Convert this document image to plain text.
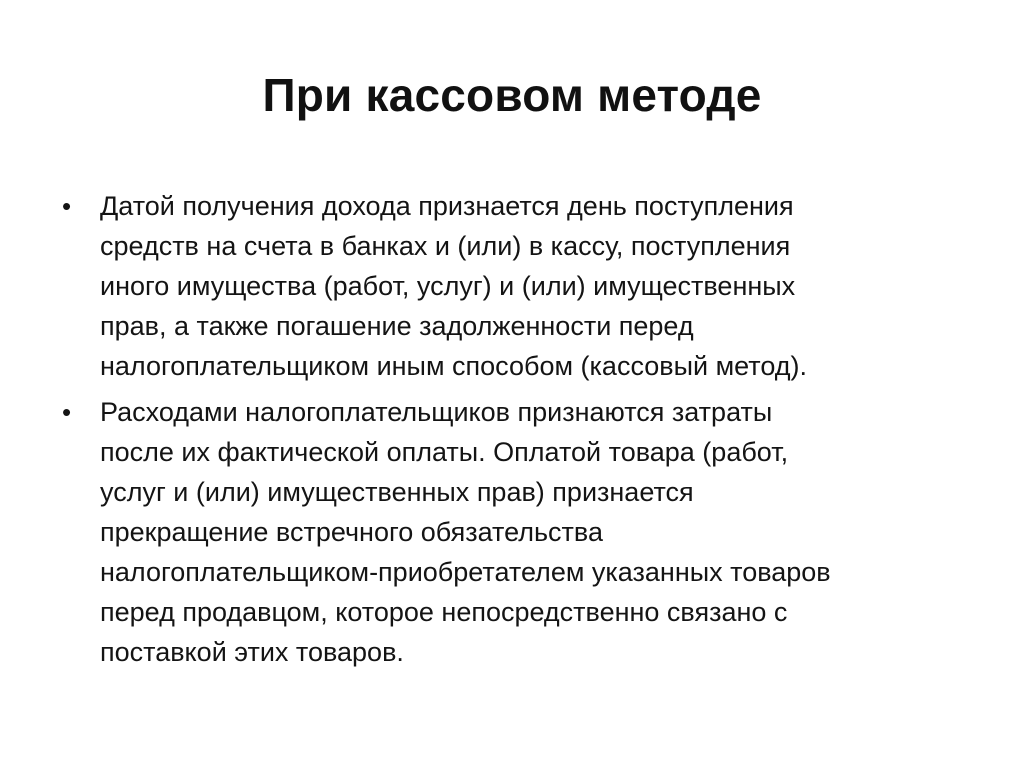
При кассовом методе
• Датой получения дохода признается день поступления
средств на счета в банках и (или) в кассу, поступления
иного имущества (работ, услуг) и (или) имущественных
прав, а также погашение задолженности перед
налогоплательщиком иным способом (кассовый метод).
• Расходами налогоплательщиков признаются затраты
после их фактической оплаты. Оплатой товара (работ,
услуг и (или) имущественных прав) признается
прекращение встречного обязательства
налогоплательщиком-приобретателем указанных товаров
перед продавцом, которое непосредственно связано с
поставкой этих товаров.
